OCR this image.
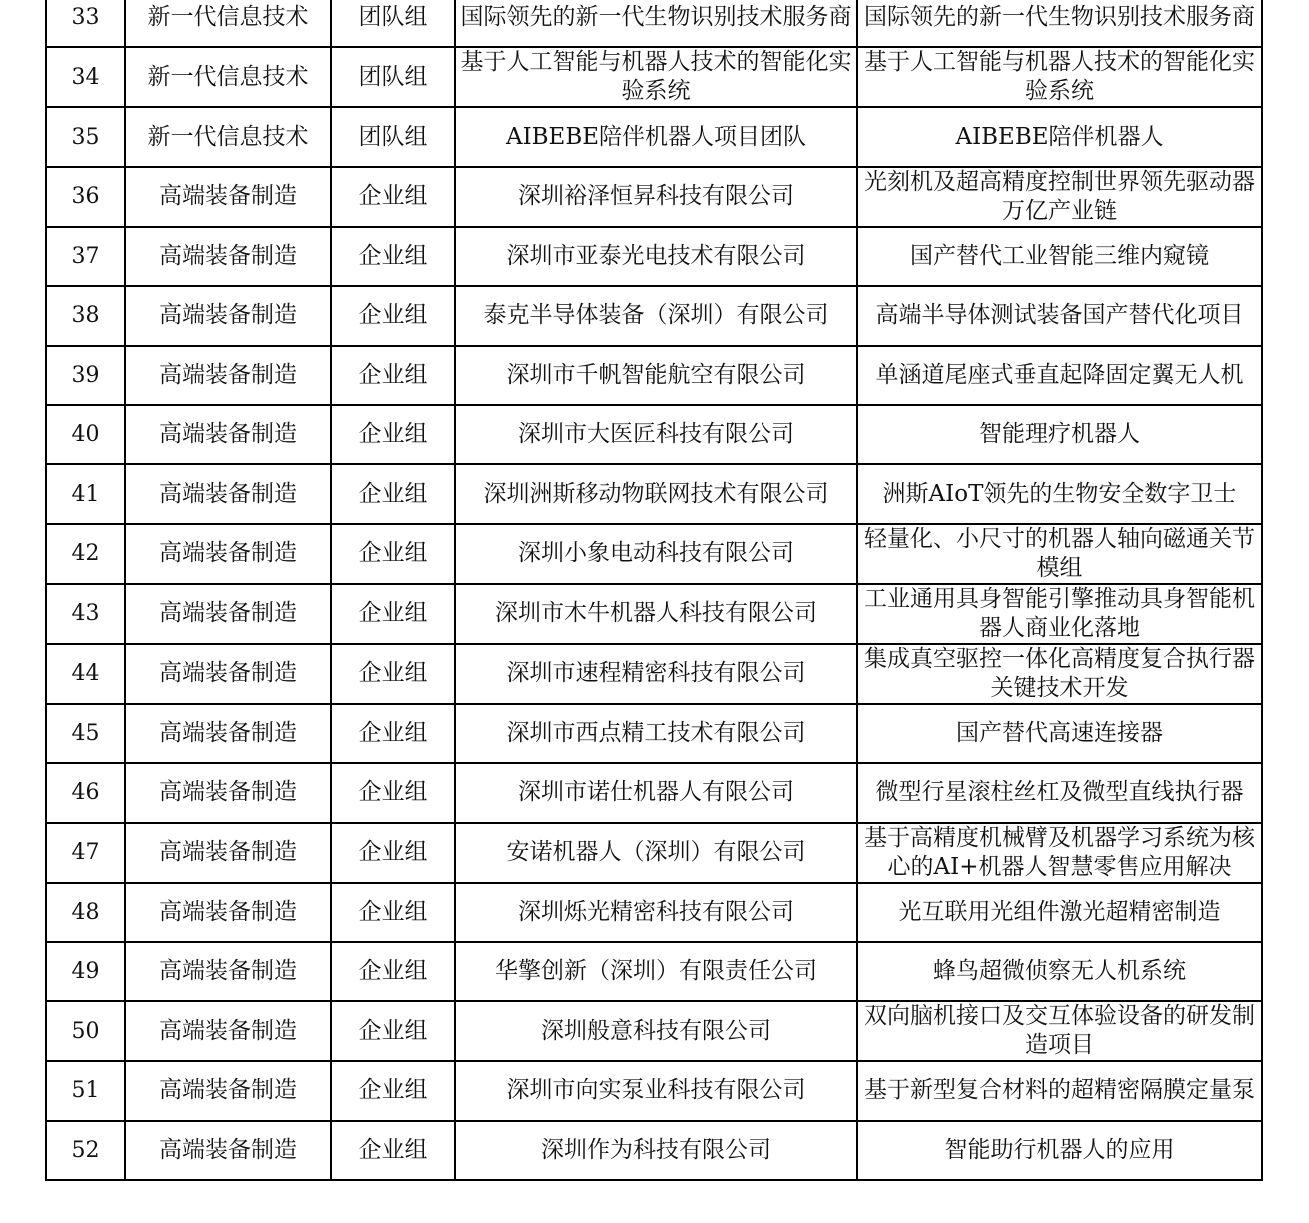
33	新一代信息技术	团队组	国际领先的新一代生物识别技术服务商	国际领先的新一代生物识别技术服务商
34	新一代信息技术	团队组	基于人工智能与机器人技术的智能化实验系统	基于人工智能与机器人技术的智能化实验系统
35	新一代信息技术	团队组	AIBEBE陪伴机器人项目团队	AIBEBE陪伴机器人
36	高端装备制造	企业组	深圳裕泽恒昇科技有限公司	光刻机及超高精度控制世界领先驱动器万亿产业链
37	高端装备制造	企业组	深圳市亚泰光电技术有限公司	国产替代工业智能三维内窥镜
38	高端装备制造	企业组	泰克半导体装备（深圳）有限公司	高端半导体测试装备国产替代化项目
39	高端装备制造	企业组	深圳市千帆智能航空有限公司	单涵道尾座式垂直起降固定翼无人机
40	高端装备制造	企业组	深圳市大医匠科技有限公司	智能理疗机器人
41	高端装备制造	企业组	深圳洲斯移动物联网技术有限公司	洲斯AIoT领先的生物安全数字卫士
42	高端装备制造	企业组	深圳小象电动科技有限公司	轻量化、小尺寸的机器人轴向磁通关节模组
43	高端装备制造	企业组	深圳市木牛机器人科技有限公司	工业通用具身智能引擎推动具身智能机器人商业化落地
44	高端装备制造	企业组	深圳市速程精密科技有限公司	集成真空驱控一体化高精度复合执行器关键技术开发
45	高端装备制造	企业组	深圳市西点精工技术有限公司	国产替代高速连接器
46	高端装备制造	企业组	深圳市诺仕机器人有限公司	微型行星滚柱丝杠及微型直线执行器
47	高端装备制造	企业组	安诺机器人（深圳）有限公司	基于高精度机械臂及机器学习系统为核心的AI+机器人智慧零售应用解决
48	高端装备制造	企业组	深圳烁光精密科技有限公司	光互联用光组件激光超精密制造
49	高端装备制造	企业组	华擎创新（深圳）有限责任公司	蜂鸟超微侦察无人机系统
50	高端装备制造	企业组	深圳般意科技有限公司	双向脑机接口及交互体验设备的研发制造项目
51	高端装备制造	企业组	深圳市向实泵业科技有限公司	基于新型复合材料的超精密隔膜定量泵
52	高端装备制造	企业组	深圳作为科技有限公司	智能助行机器人的应用
